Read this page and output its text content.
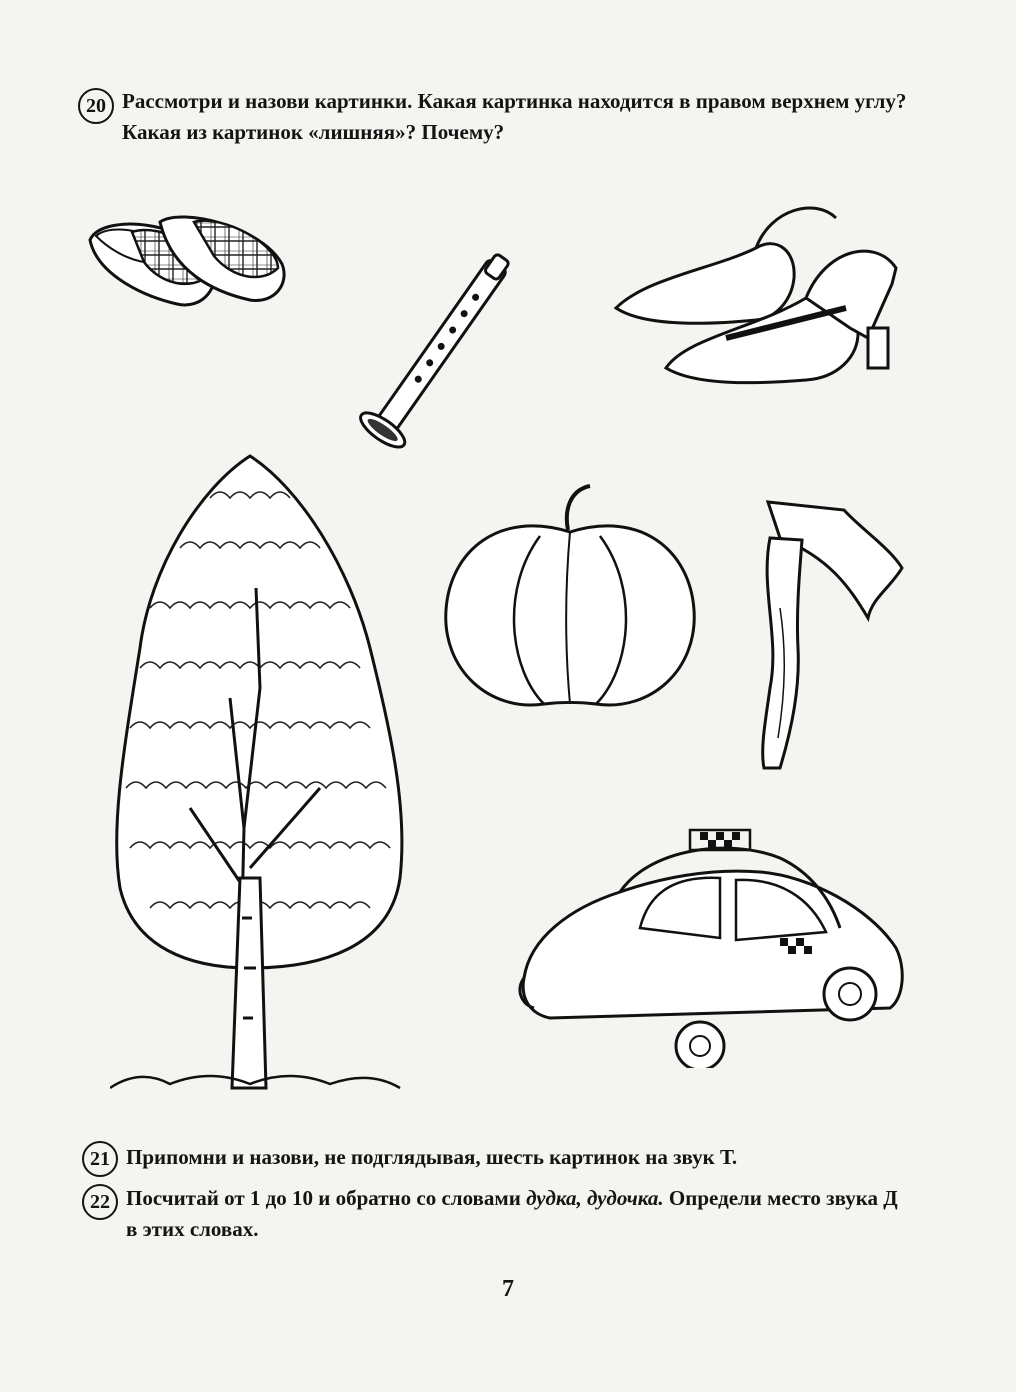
20 Рассмотри и назови картинки. Какая картинка находится в правом верхнем углу? Какая из картинок «лишняя»? Почему?
21 Припомни и назови, не подглядывая, шесть картинок на звук Т.
22 Посчитай от 1 до 10 и обратно со словами дудка, дудочка. Определи место звука Д в этих словах.
7
